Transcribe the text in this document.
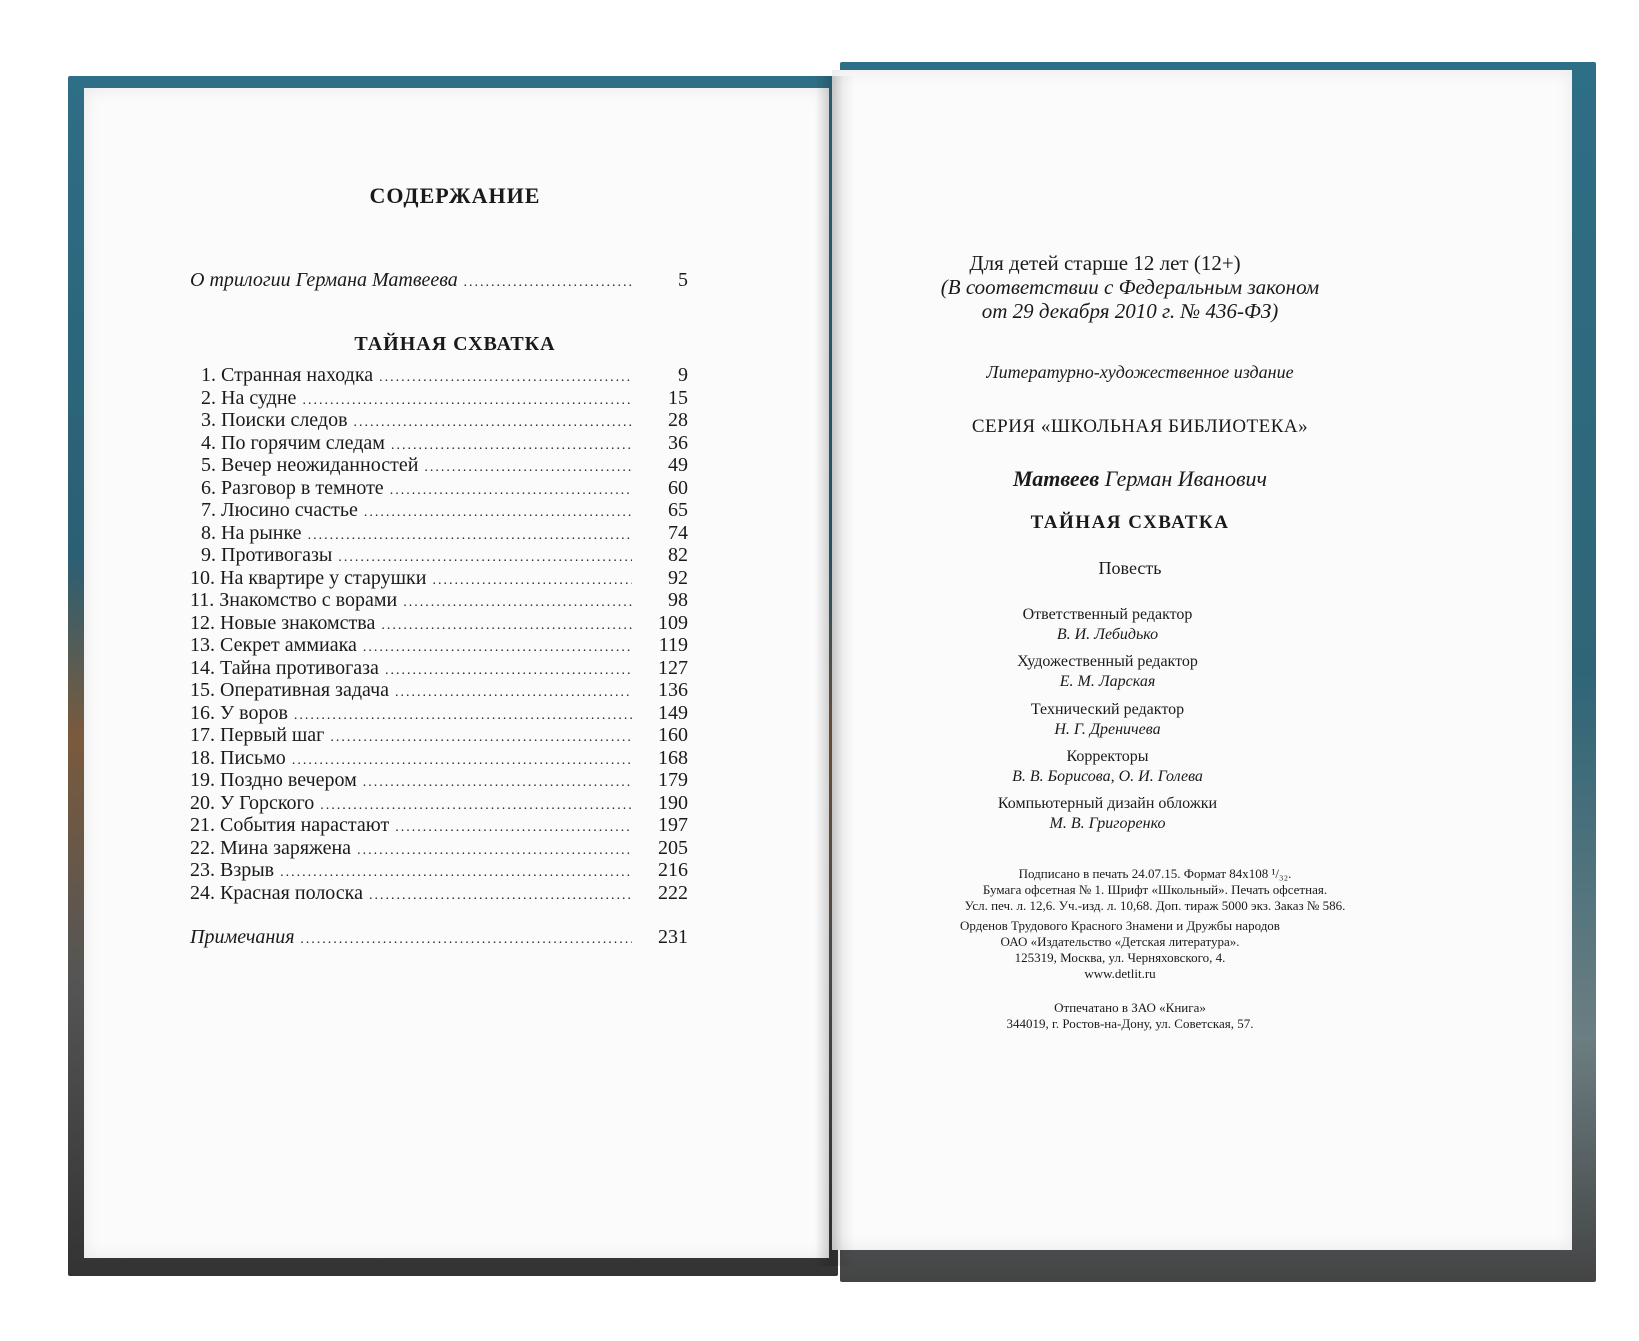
СОДЕРЖАНИЕ
О трилогии Германа Матвеева .....	5
ТАЙНАЯ СХВАТКА
1. Странная находка .....	9
2. На судне .....	15
3. Поиски следов .....	28
4. По горячим следам .....	36
5. Вечер неожиданностей .....	49
6. Разговор в темноте .....	60
7. Люсино счастье .....	65
8. На рынке .....	74
9. Противогазы .....	82
10. На квартире у старушки .....	92
11. Знакомство с ворами .....	98
12. Новые знакомства .....	109
13. Секрет аммиака .....	119
14. Тайна противогаза .....	127
15. Оперативная задача .....	136
16. У воров .....	149
17. Первый шаг .....	160
18. Письмо .....	168
19. Поздно вечером .....	179
20. У Горского .....	190
21. События нарастают .....	197
22. Мина заряжена .....	205
23. Взрыв .....	216
24. Красная полоска .....	222
Примечания .....	231
Для детей старше 12 лет (12+)
(В соответствии с Федеральным законом
от 29 декабря 2010 г. № 436-ФЗ)
Литературно-художественное издание
СЕРИЯ «ШКОЛЬНАЯ БИБЛИОТЕКА»
Матвеев Герман Иванович
ТАЙНАЯ СХВАТКА
Повесть
Ответственный редактор
В. И. Лебидько
Художественный редактор
Е. М. Ларская
Технический редактор
Н. Г. Дреничева
Корректоры
В. В. Борисова, О. И. Голева
Компьютерный дизайн обложки
М. В. Григоренко
Подписано в печать 24.07.15. Формат 84х108 ¹/₃₂.
Бумага офсетная № 1. Шрифт «Школьный». Печать офсетная.
Усл. печ. л. 12,6. Уч.-изд. л. 10,68. Доп. тираж 5000 экз. Заказ № 586.
Орденов Трудового Красного Знамени и Дружбы народов
ОАО «Издательство «Детская литература».
125319, Москва, ул. Черняховского, 4.
www.detlit.ru
Отпечатано в ЗАО «Книга»
344019, г. Ростов-на-Дону, ул. Советская, 57.
